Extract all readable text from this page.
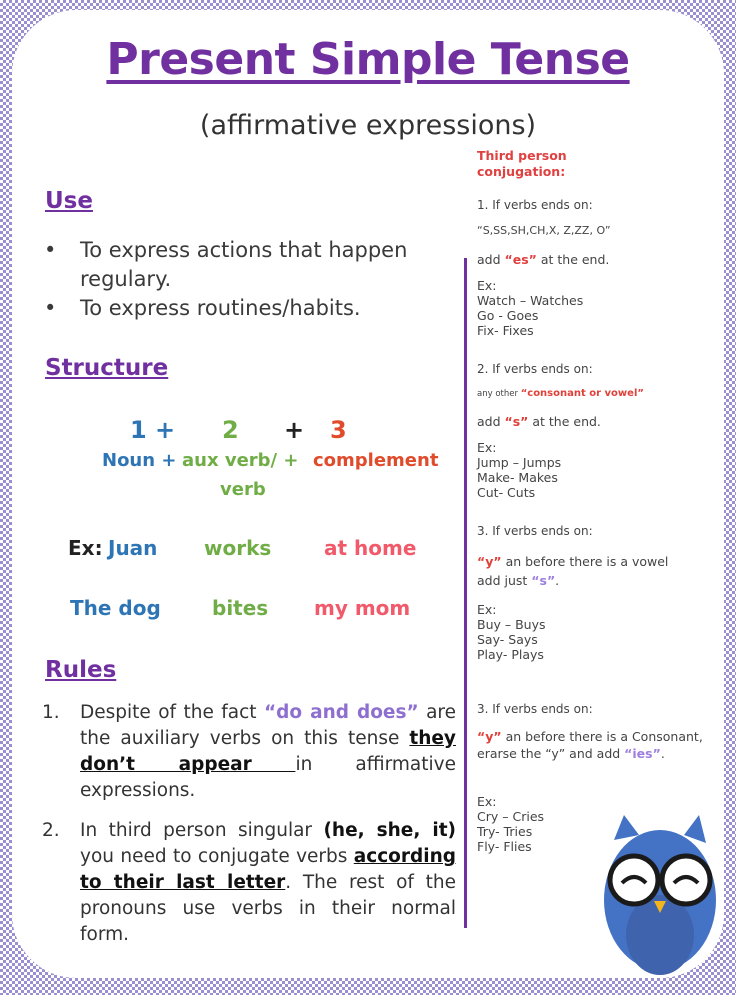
Present Simple Tense
(affirmative expressions)
Use
• To express actions that happen regulary.
• To express routines/habits.
Structure
1 + 2 + 3
Noun + aux verb/ +
verb
complement
Ex: Juan works	at home
The dog	bites my mom
Rules
1. Despite of the fact “do and does” are the auxiliary verbs on this tense they don’t appear in affirmative expressions.
2. In third person singular (he, she, it) you need to conjugate verbs according to their last letter. The rest of the pronouns use verbs in their normal form.
Third person
conjugation:
1. If verbs ends on:
“S,SS,SH,CH,X, Z,ZZ, O”
add “es” at the end.
Ex:
Watch – Watches
Go - Goes
Fix- Fixes
2. If verbs ends on:
any other “consonant or vowel”
add “s” at the end.
Ex:
Jump – Jumps
Make- Makes
Cut- Cuts
3. If verbs ends on:
“y” an before there is a vowel
add just “s”.
Ex:
Buy – Buys
Say- Says
Play- Plays
3. If verbs ends on:
“y” an before there is a Consonant, erarse the “y” and add “ies”.
Ex:
Cry – Cries
Try- Tries
Fly- Flies
